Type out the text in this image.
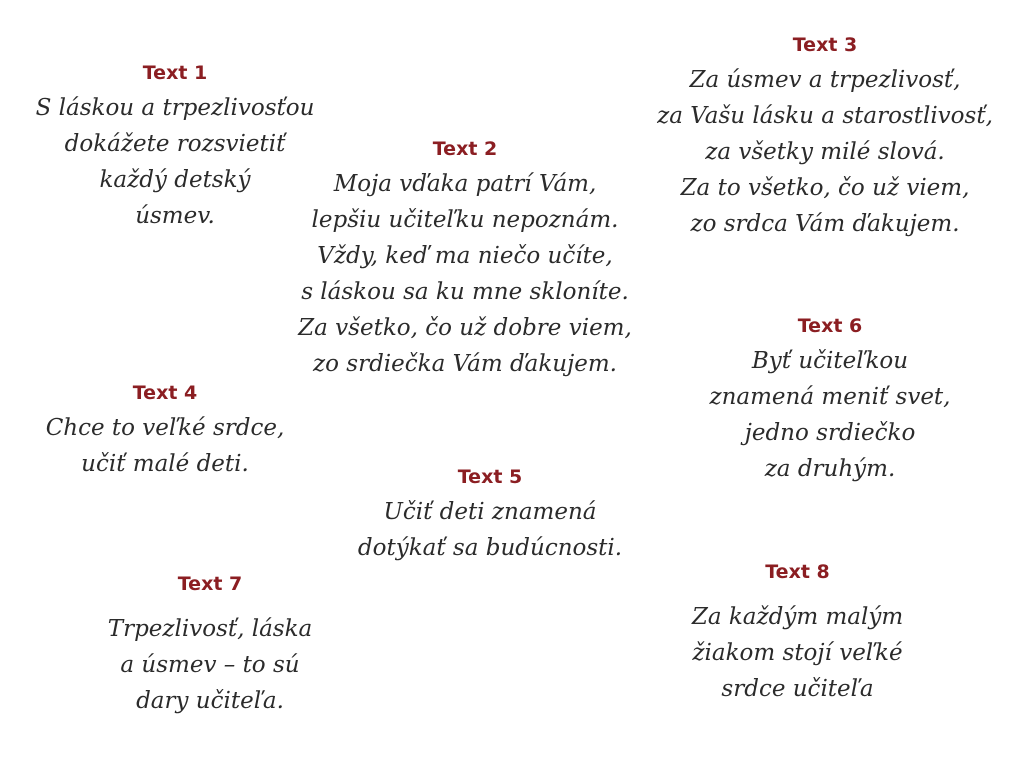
Text 1
S láskou a trpezlivosťou
dokážete rozsvietiť
každý detský
úsmev.
Text 2
Moja vďaka patrí Vám,
lepšiu učiteľku nepoznám.
Vždy, keď ma niečo učíte,
s láskou sa ku mne skloníte.
Za všetko, čo už dobre viem,
zo srdiečka Vám ďakujem.
Text 3
Za úsmev a trpezlivosť,
za Vašu lásku a starostlivosť,
za všetky milé slová.
Za to všetko, čo už viem,
zo srdca Vám ďakujem.
Text 4
Chce to veľké srdce,
učiť malé deti.	Text 5
Učiť deti znamená
dotýkať sa budúcnosti.
Text 6
Byť učiteľkou
znamená meniť svet,
jedno srdiečko
za druhým.
Text 7
Trpezlivosť, láska
a úsmev – to sú
dary učiteľa.
Text 8
Za každým malým
žiakom stojí veľké
srdce učiteľa
